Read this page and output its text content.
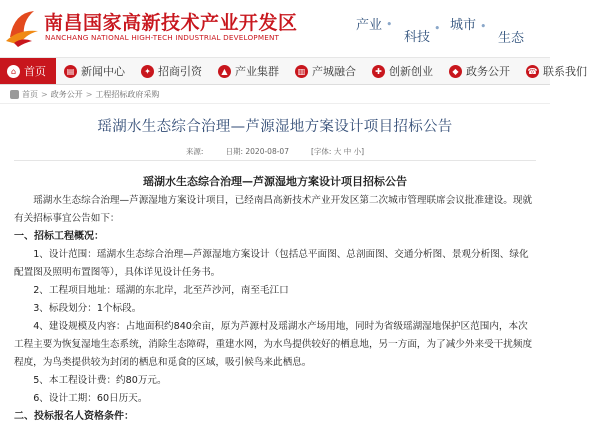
南昌国家高新技术产业开发区
NANCHANG NATIONAL HIGH-TECH INDUSTRIAL DEVELOPMENT
产业 •
科技
• 城市 •
生态
⌂ 首页	▤ 新闻中心	✦ 招商引资	▲ 产业集群	▥ 产城融合	✚ 创新创业	◆ 政务公开 ☎ 联系我们
首页 > 政务公开 > 工程招标政府采购
瑶湖水生态综合治理—芦源湿地方案设计项目招标公告
来源:	日期: 2020-08-07	[字体: 大 中 小]
瑶湖水生态综合治理—芦源湿地方案设计项目招标公告
瑶湖水生态综合治理—芦源湿地方案设计项目，已经南昌高新技术产业开发区第二次城市管理联席会议批准建设。现就有关招标事宜公告如下：
一、招标工程概况：
1、设计范围：瑶湖水生态综合治理—芦源湿地方案设计（包括总平面图、总剖面图、交通分析图、景观分析图、绿化配置图及照明布置图等），具体详见设计任务书。
2、工程项目地址：瑶湖的东北岸，北至芦沙河，南至毛江口
3、标段划分：1个标段。
4、建设规模及内容：占地面积约840余亩，原为芦源村及瑶湖水产场用地，同时为省级瑶湖湿地保护区范围内，本次工程主要为恢复湿地生态系统，消除生态障碍，重建水网，为水鸟提供较好的栖息地，另一方面，为了减少外来受干扰频度程度，为鸟类提供较为封闭的栖息和觅食的区域，吸引候鸟来此栖息。
5、本工程设计费：约80万元。
6、设计工期：60日历天。
二、投标报名人资格条件：
